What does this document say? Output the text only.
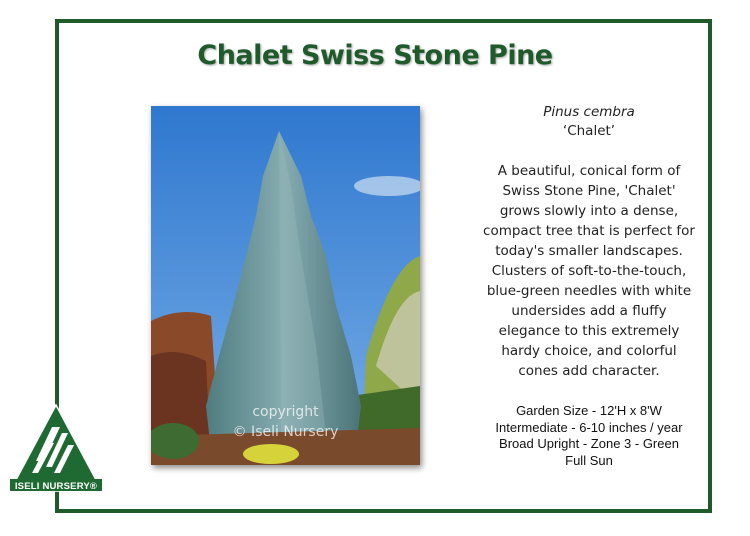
Chalet Swiss Stone Pine
copyright
© Iseli Nursery
Pinus cembra
‘Chalet’
A beautiful, conical form of
Swiss Stone Pine, 'Chalet'
grows slowly into a dense,
compact tree that is perfect for
today's smaller landscapes.
Clusters of soft-to-the-touch,
blue-green needles with white
undersides add a fluffy
elegance to this extremely
hardy choice, and colorful
cones add character.
Garden Size - 12'H x 8'W
Intermediate - 6-10 inches / year
Broad Upright - Zone 3 - Green
Full Sun
ISELI NURSERY®
